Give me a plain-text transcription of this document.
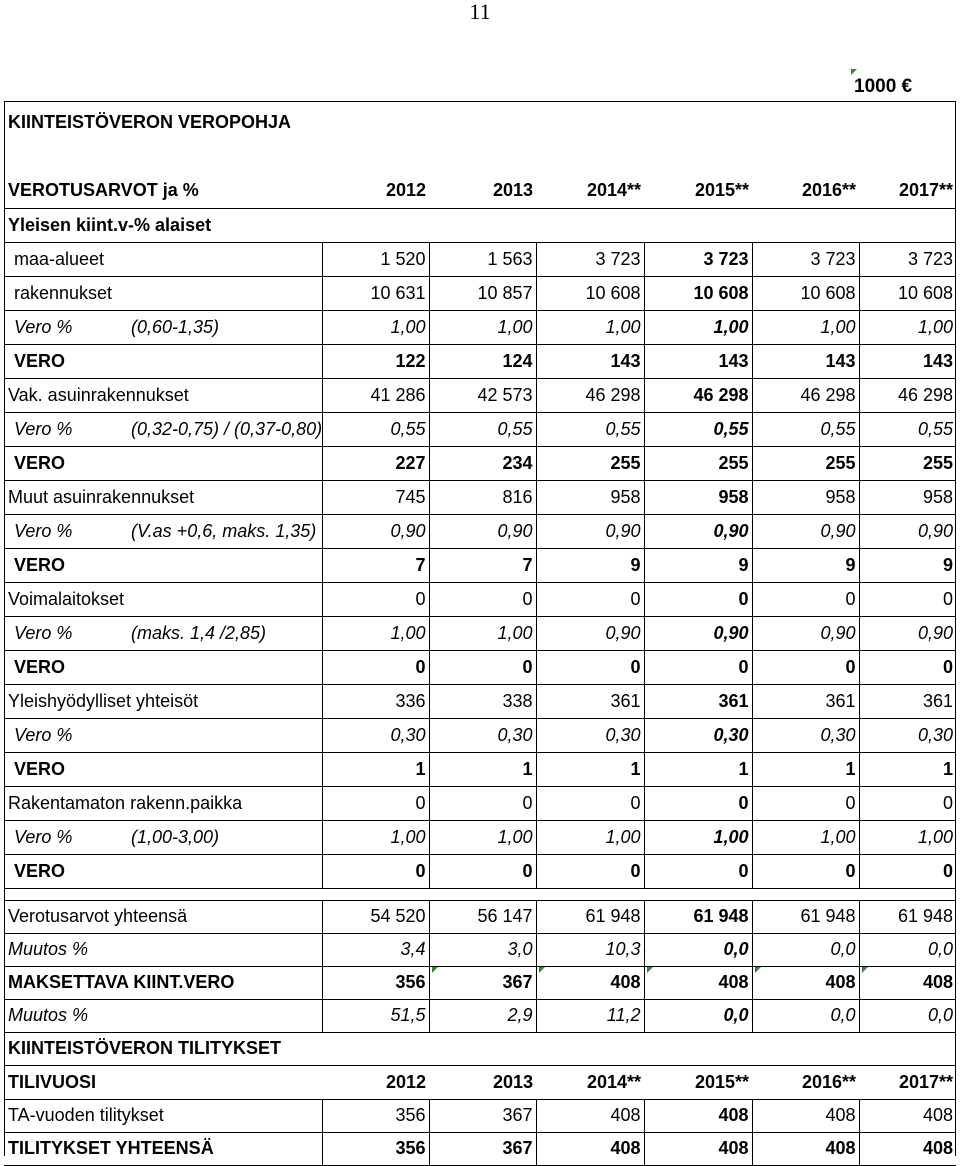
11
1000 €

KIINTEISTÖVERON VEROPOHJA						

VEROTUSARVOT ja %	2012	2013	2014**	2015**	2016**	2017**
Yleisen kiint.v-% alaiset						
maa-alueet	1 520	1 563	3 723	3 723	3 723	3 723
rakennukset	10 631	10 857	10 608	10 608	10 608	10 608
Vero % (0,60-1,35)	1,00	1,00	1,00	1,00	1,00	1,00
VERO	122	124	143	143	143	143
Vak. asuinrakennukset	41 286	42 573	46 298	46 298	46 298	46 298
Vero % (0,32-0,75) / (0,37-0,80)	0,55	0,55	0,55	0,55	0,55	0,55
VERO	227	234	255	255	255	255
Muut asuinrakennukset	745	816	958	958	958	958
Vero % (V.as +0,6, maks. 1,35)	0,90	0,90	0,90	0,90	0,90	0,90
VERO	7	7	9	9	9	9
Voimalaitokset	0	0	0	0	0	0
Vero % (maks. 1,4 /2,85)	1,00	1,00	0,90	0,90	0,90	0,90
VERO	0	0	0	0	0	0
Yleishyödylliset yhteisöt	336	338	361	361	361	361
Vero %	0,30	0,30	0,30	0,30	0,30	0,30
VERO	1	1	1	1	1	1
Rakentamaton rakenn.paikka	0	0	0	0	0	0
Vero % (1,00-3,00)	1,00	1,00	1,00	1,00	1,00	1,00
VERO	0	0	0	0	0	0

Verotusarvot yhteensä	54 520	56 147	61 948	61 948	61 948	61 948
Muutos %	3,4	3,0	10,3	0,0	0,0	0,0
MAKSETTAVA KIINT.VERO	356	367	408	408	408	408

Muutos %	51,5	2,9	11,2	0,0	0,0	0,0
KIINTEISTÖVERON TILITYKSET						
TILIVUOSI	2012	2013	2014**	2015**	2016**	2017**
TA-vuoden tilitykset	356	367	408	408	408	408
TILITYKSET YHTEENSÄ	356	367	408	408	408	408
